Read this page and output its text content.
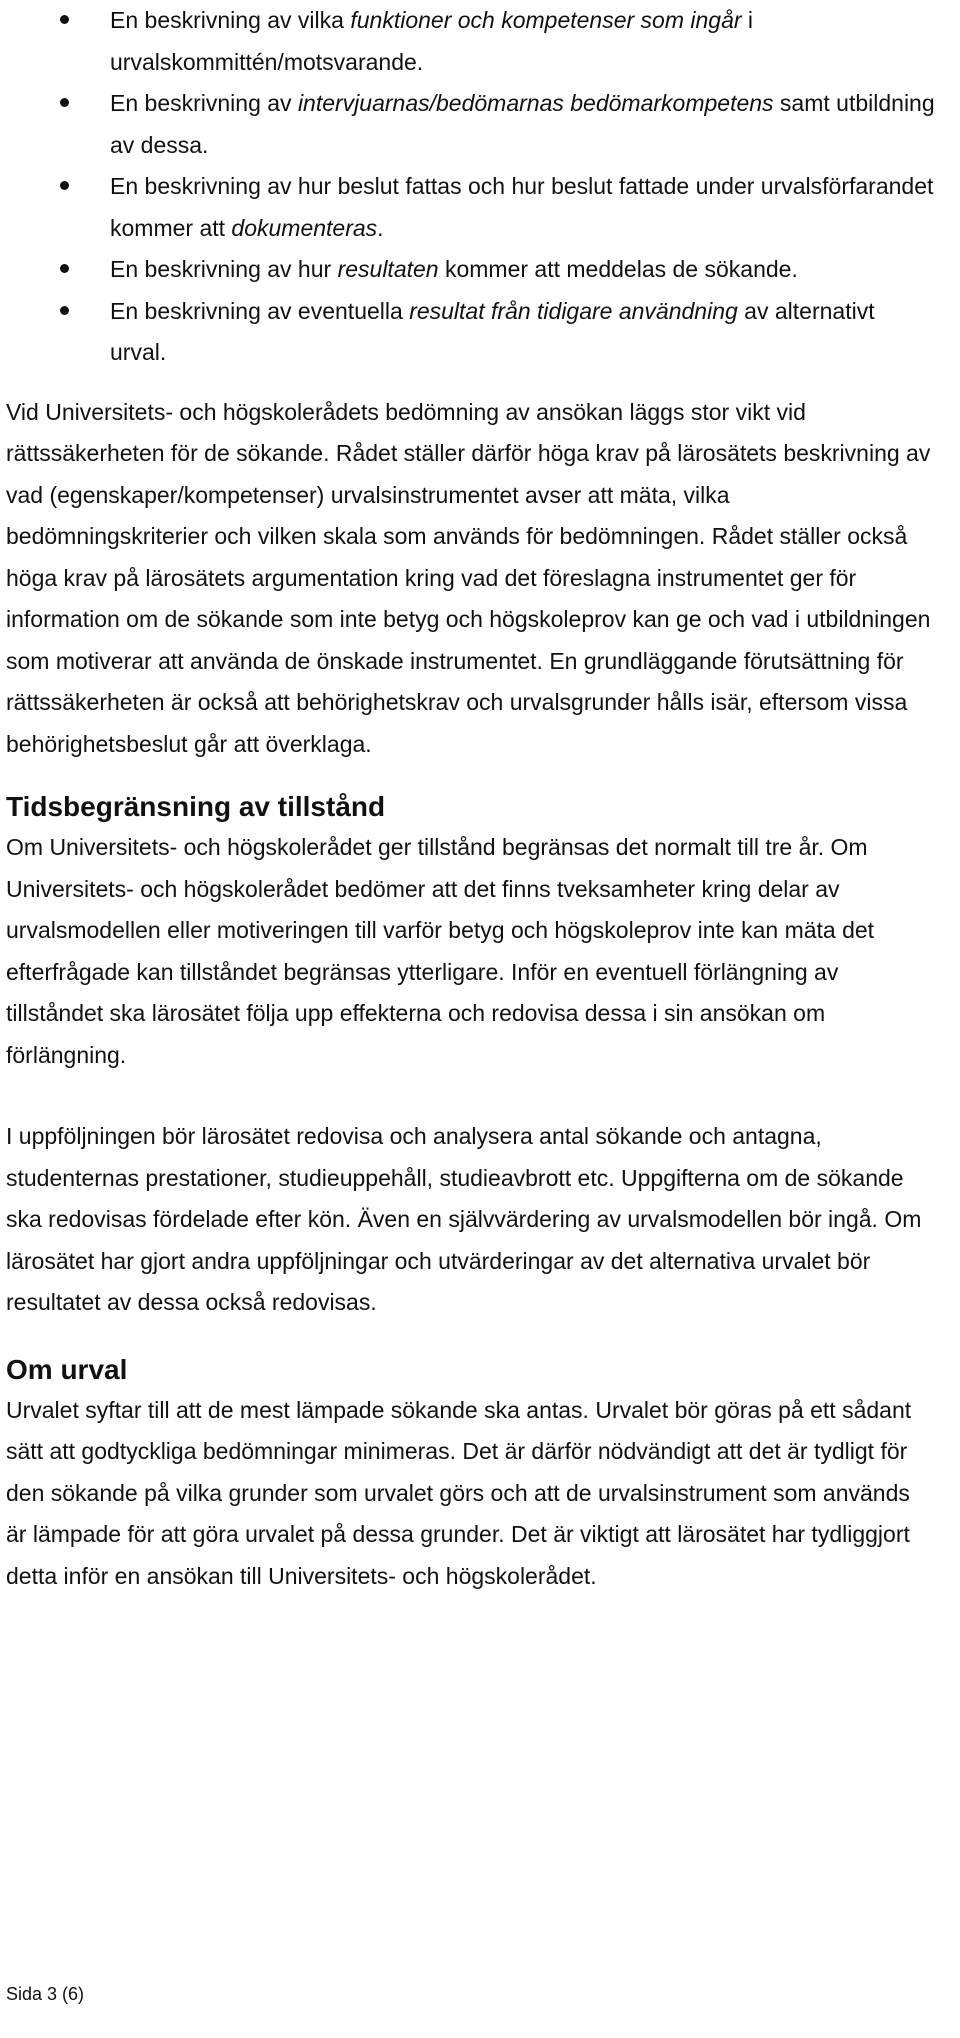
En beskrivning av vilka funktioner och kompetenser som ingår i urvalskommittén/motsvarande.
En beskrivning av intervjuarnas/bedömarnas bedömarkompetens samt utbildning av dessa.
En beskrivning av hur beslut fattas och hur beslut fattade under urvalsförfarandet kommer att dokumenteras.
En beskrivning av hur resultaten kommer att meddelas de sökande.
En beskrivning av eventuella resultat från tidigare användning av alternativt urval.

Vid Universitets- och högskolerådets bedömning av ansökan läggs stor vikt vid rättssäkerheten för de sökande. Rådet ställer därför höga krav på lärosätets beskrivning av vad (egenskaper/kompetenser) urvalsinstrumentet avser att mäta, vilka bedömningskriterier och vilken skala som används för bedömningen. Rådet ställer också höga krav på lärosätets argumentation kring vad det föreslagna instrumentet ger för information om de sökande som inte betyg och högskoleprov kan ge och vad i utbildningen som motiverar att använda de önskade instrumentet. En grundläggande förutsättning för rättssäkerheten är också att behörighetskrav och urvalsgrunder hålls isär, eftersom vissa behörighetsbeslut går att överklaga.

Tidsbegränsning av tillstånd

Om Universitets- och högskolerådet ger tillstånd begränsas det normalt till tre år. Om Universitets- och högskolerådet bedömer att det finns tveksamheter kring delar av urvalsmodellen eller motiveringen till varför betyg och högskoleprov inte kan mäta det efterfrågade kan tillståndet begränsas ytterligare. Inför en eventuell förlängning av tillståndet ska lärosätet följa upp effekterna och redovisa dessa i sin ansökan om förlängning.

I uppföljningen bör lärosätet redovisa och analysera antal sökande och antagna, studenternas prestationer, studieuppehåll, studieavbrott etc. Uppgifterna om de sökande ska redovisas fördelade efter kön. Även en självvärdering av urvalsmodellen bör ingå. Om lärosätet har gjort andra uppföljningar och utvärderingar av det alternativa urvalet bör resultatet av dessa också redovisas.

Om urval

Urvalet syftar till att de mest lämpade sökande ska antas. Urvalet bör göras på ett sådant sätt att godtyckliga bedömningar minimeras. Det är därför nödvändigt att det är tydligt för den sökande på vilka grunder som urvalet görs och att de urvalsinstrument som används är lämpade för att göra urvalet på dessa grunder. Det är viktigt att lärosätet har tydliggjort detta inför en ansökan till Universitets- och högskolerådet.

Sida 3 (6)
